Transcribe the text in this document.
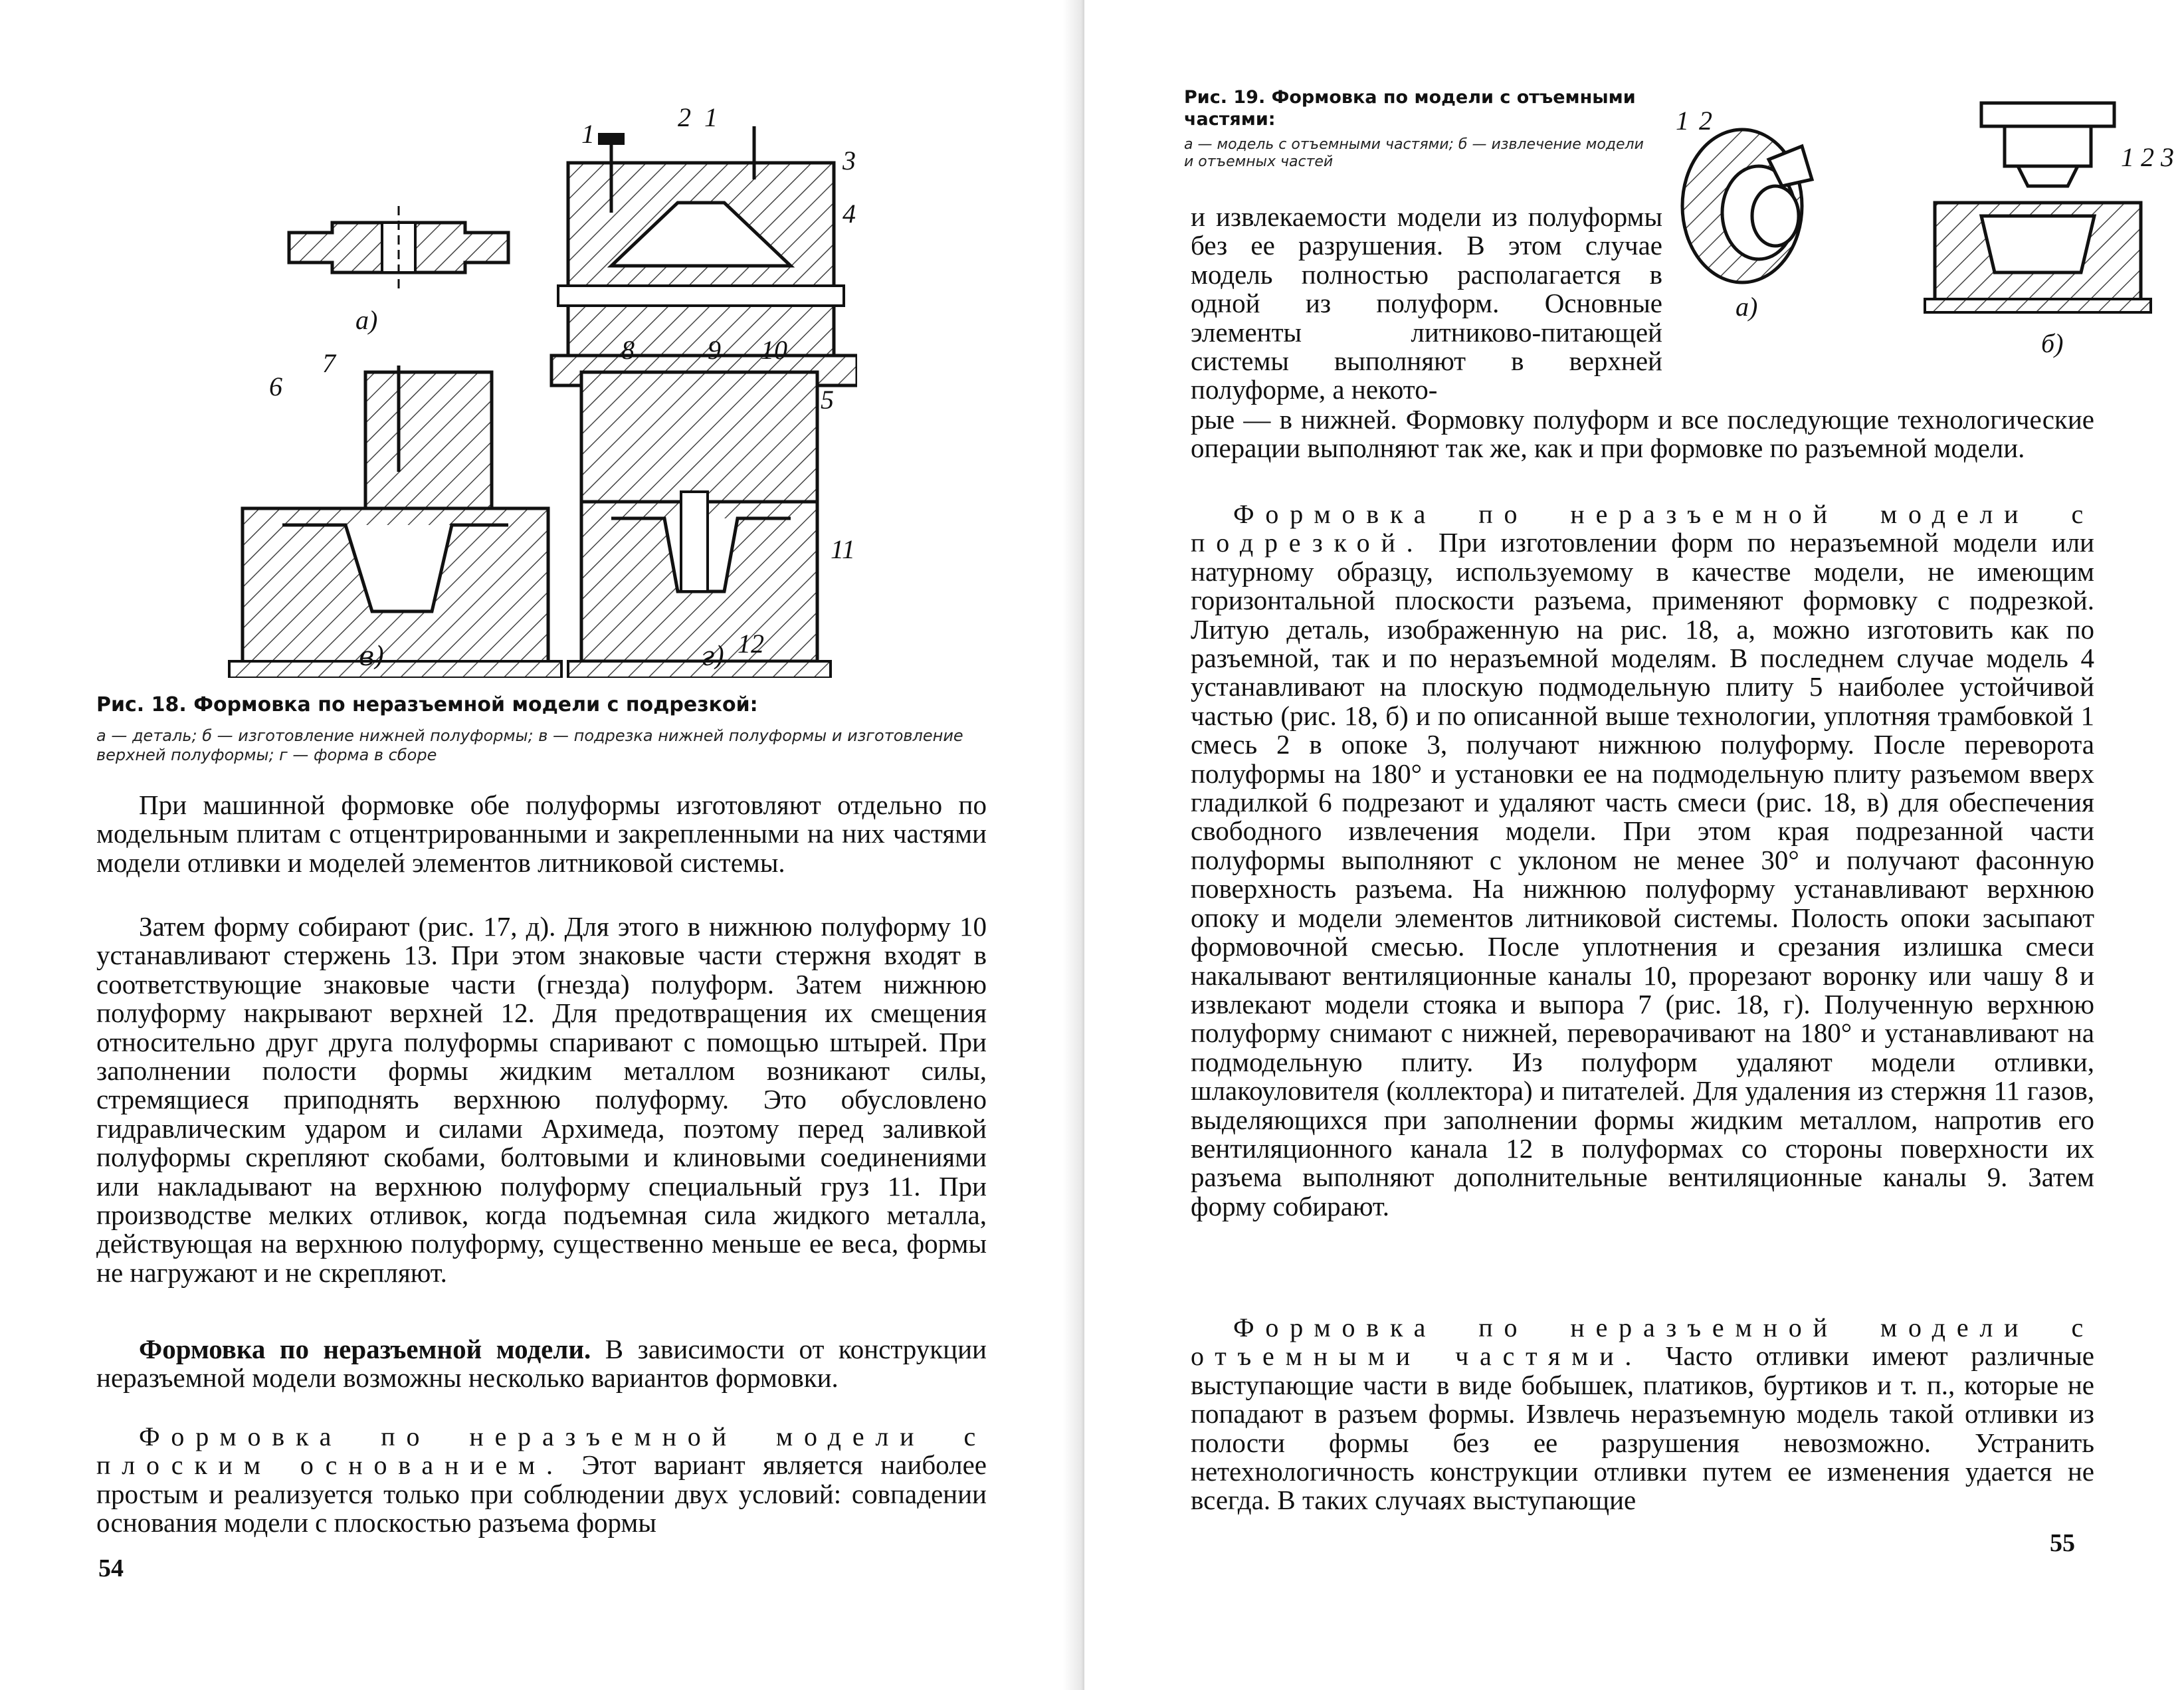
а)
1
2 1
3
4
5
6
7	8	9 10
11
12
в)	г)
Рис. 18. Формовка по неразъемной модели с подрезкой:
а — деталь; б — изготовление нижней полуформы; в — подрезка нижней полуформы и изготовление верхней полуформы; г — форма в сборе
При машинной формовке обе полуформы изготовляют отдельно по модельным плитам с отцентрированными и закрепленными на них частями модели отливки и моделей элементов литниковой системы.
Затем форму собирают (рис. 17, д). Для этого в нижнюю полуформу 10 устанавливают стержень 13. При этом знаковые части стержня входят в соответствующие знаковые части (гнезда) полуформ. Затем нижнюю полуформу накрывают верхней 12. Для предотвращения их смещения относительно друг друга полуформы спаривают с помощью штырей. При заполнении полости формы жидким металлом возникают силы, стремящиеся приподнять верхнюю полуформу. Это обусловлено гидравлическим ударом и силами Архимеда, поэтому перед заливкой полуформы скрепляют скобами, болтовыми и клиновыми соединениями или накладывают на верхнюю полуформу специальный груз 11. При производстве мелких отливок, когда подъемная сила жидкого металла, действующая на верхнюю полуформу, существенно меньше ее веса, формы не нагружают и не скрепляют.
Формовка по неразъемной модели. В зависимости от конструкции неразъемной модели возможны несколько вариантов формовки.
Формовка по неразъемной модели с плоским основанием. Этот вариант является наиболее простым и реализуется только при соблюдении двух условий: совпадении основания модели с плоскостью разъема формы
54
Рис. 19. Формовка по модели с отъемными частями:
а — модель с отъемными частями; б — извлечение модели и отъемных частей
1 2
а)
1 2 3
б)
и извлекаемости модели из полуформы без ее разрушения. В этом случае модель полностью располагается в одной из полуформ. Основные элементы литниково-питающей системы выполняют в верхней полуформе, а некото-
рые — в нижней. Формовку полуформ и все последующие технологические операции выполняют так же, как и при формовке по разъемной модели.
Формовка по неразъемной модели с подрезкой. При изготовлении форм по неразъемной модели или натурному образцу, используемому в качестве модели, не имеющим горизонтальной плоскости разъема, применяют формовку с подрезкой. Литую деталь, изображенную на рис. 18, а, можно изготовить как по разъемной, так и по неразъемной моделям. В последнем случае модель 4 устанавливают на плоскую подмодельную плиту 5 наиболее устойчивой частью (рис. 18, б) и по описанной выше технологии, уплотняя трамбовкой 1 смесь 2 в опоке 3, получают нижнюю полуформу. После переворота полуформы на 180° и установки ее на подмодельную плиту разъемом вверх гладилкой 6 подрезают и удаляют часть смеси (рис. 18, в) для обеспечения свободного извлечения модели. При этом края подрезанной части полуформы выполняют с уклоном не менее 30° и получают фасонную поверхность разъема. На нижнюю полуформу устанавливают верхнюю опоку и модели элементов литниковой системы. Полость опоки засыпают формовочной смесью. После уплотнения и срезания излишка смеси накалывают вентиляционные каналы 10, прорезают воронку или чашу 8 и извлекают модели стояка и выпора 7 (рис. 18, г). Полученную верхнюю полуформу снимают с нижней, переворачивают на 180° и устанавливают на подмодельную плиту. Из полуформ удаляют модели отливки, шлакоуловителя (коллектора) и питателей. Для удаления из стержня 11 газов, выделяющихся при заполнении формы жидким металлом, напротив его вентиляционного канала 12 в полуформах со стороны поверхности их разъема выполняют дополнительные вентиляционные каналы 9. Затем форму собирают.
Формовка по неразъемной модели с отъемными частями. Часто отливки имеют различные выступающие части в виде бобышек, платиков, буртиков и т. п., которые не попадают в разъем формы. Извлечь неразъемную модель такой отливки из полости формы без ее разрушения невозможно. Устранить нетехнологичность конструкции отливки путем ее изменения удается не всегда. В таких случаях выступающие
55
